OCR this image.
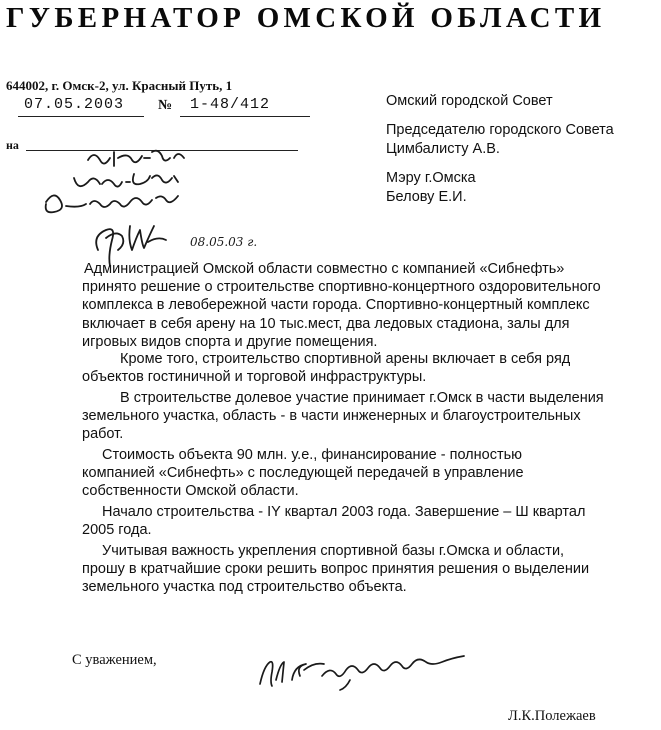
ГУБЕРНАТОР ОМСКОЙ ОБЛАСТИ
644002, г. Омск-2, ул. Красный Путь, 1
07.05.2003	№	1-48/412
на
08.05.03 г.
Омский городской Совет
Председателю городского Совета
Цимбалисту А.В.
Мэру г.Омска
Белову Е.И.
Администрацией Омской области совместно с компанией «Сибнефть»
принято решение о строительстве спортивно-концертного оздоровительного
комплекса в левобережной части города. Спортивно-концертный комплекс
включает в себя арену на 10 тыс.мест, два ледовых стадиона, залы для
игровых видов спорта и другие помещения.
Кроме того, строительство спортивной арены включает в себя ряд
объектов гостиничной и торговой инфраструктуры.
В строительстве долевое участие принимает г.Омск в части выделения
земельного участка, область - в части инженерных и благоустроительных
работ.
Стоимость объекта 90 млн. у.е., финансирование - полностью
компанией «Сибнефть» с последующей передачей в управление
собственности Омской области.
Начало строительства - IY квартал 2003 года. Завершение – Ш квартал
2005 года.
Учитывая важность укрепления спортивной базы г.Омска и области,
прошу в кратчайшие сроки решить вопрос принятия решения о выделении
земельного участка под строительство объекта.
С уважением,
Л.К.Полежаев
